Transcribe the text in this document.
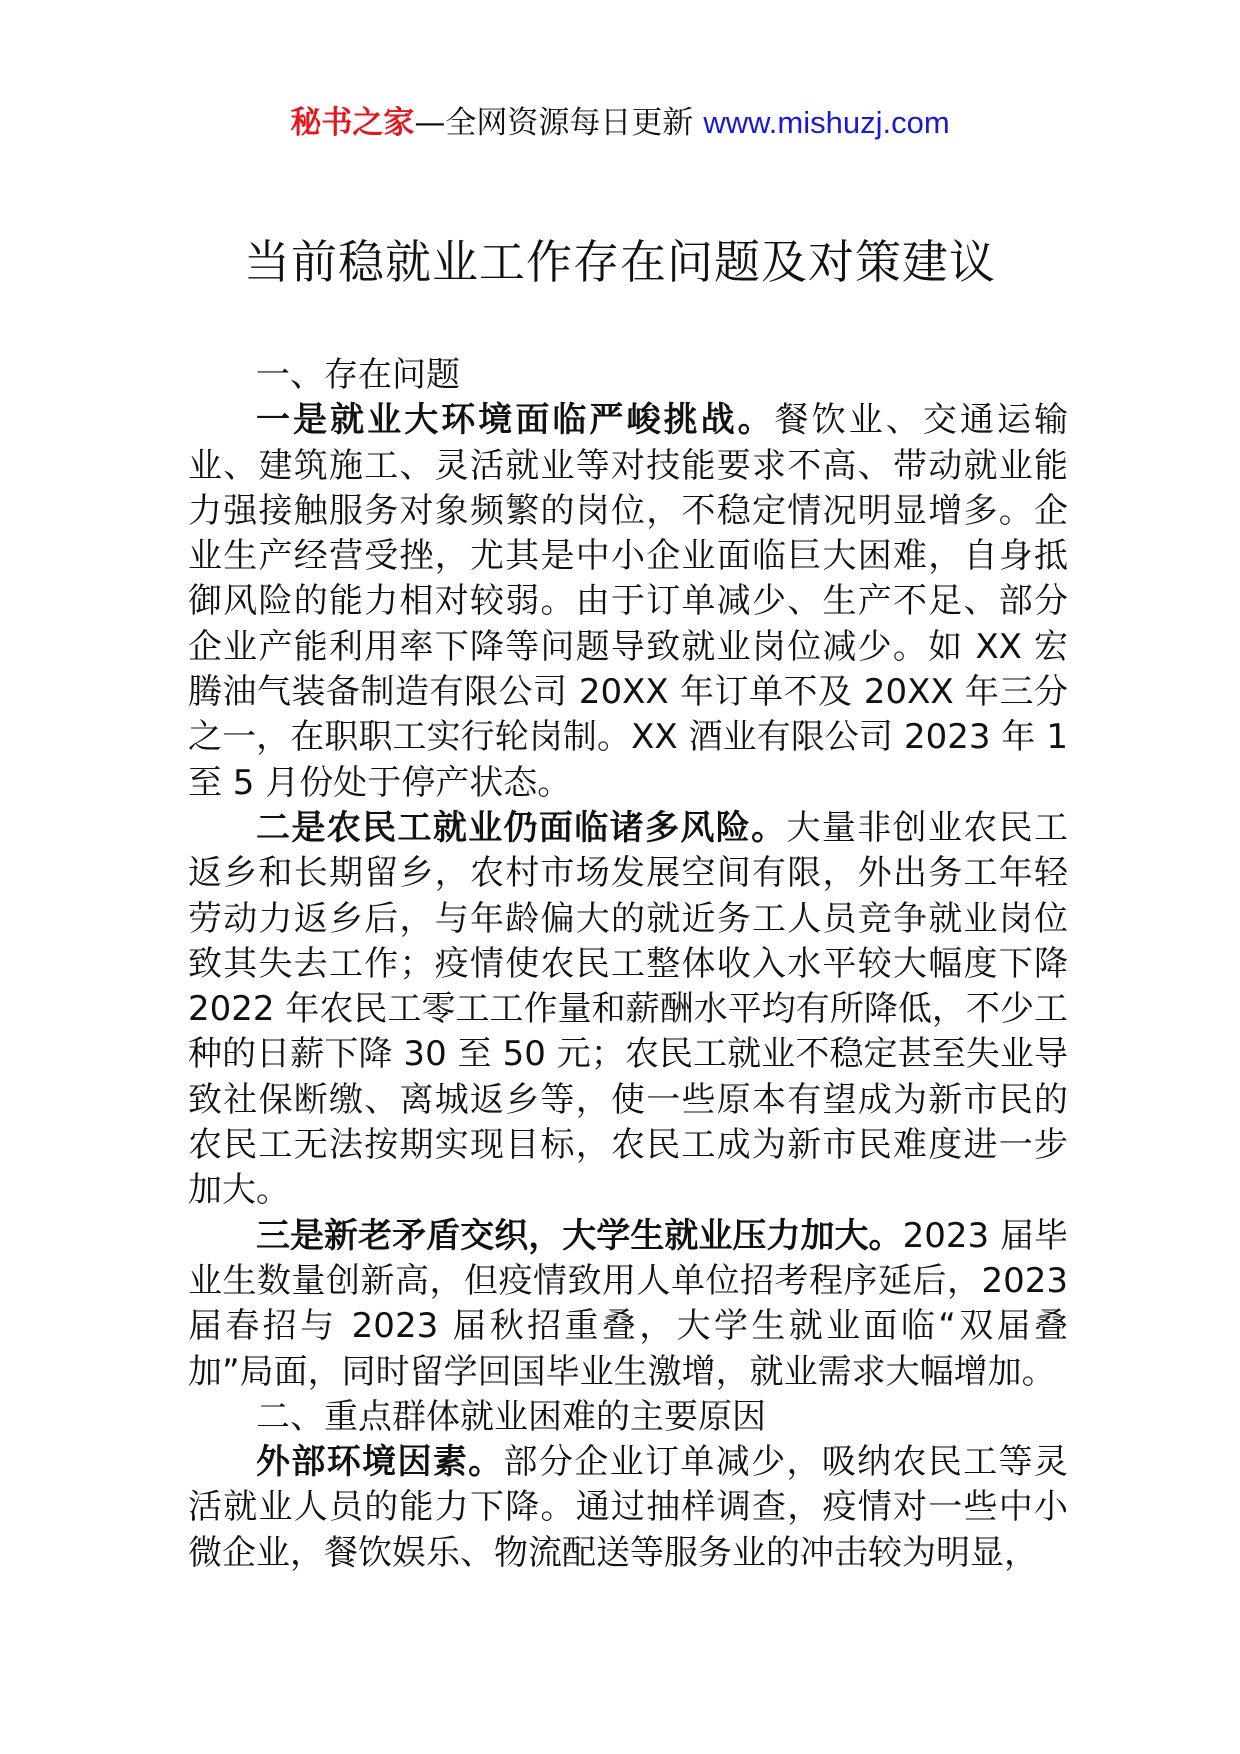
秘书之家—全网资源每日更新 www.mishuzj.com
当前稳就业工作存在问题及对策建议

一、存在问题

一是就业大环境面临严峻挑战。餐饮业、交通运输业、建筑施工、灵活就业等对技能要求不高、带动就业能力强接触服务对象频繁的岗位，不稳定情况明显增多。企业生产经营受挫，尤其是中小企业面临巨大困难，自身抵御风险的能力相对较弱。由于订单减少、生产不足、部分企业产能利用率下降等问题导致就业岗位减少。如 XX 宏腾油气装备制造有限公司 20XX 年订单不及 20XX 年三分之一，在职职工实行轮岗制。XX 酒业有限公司 2023 年 1 至 5 月份处于停产状态。

二是农民工就业仍面临诸多风险。大量非创业农民工返乡和长期留乡，农村市场发展空间有限，外出务工年轻劳动力返乡后，与年龄偏大的就近务工人员竞争就业岗位致其失去工作；疫情使农民工整体收入水平较大幅度下降2022 年农民工零工工作量和薪酬水平均有所降低，不少工种的日薪下降 30 至 50 元；农民工就业不稳定甚至失业导致社保断缴、离城返乡等，使一些原本有望成为新市民的农民工无法按期实现目标，农民工成为新市民难度进一步加大。

三是新老矛盾交织，大学生就业压力加大。2023 届毕业生数量创新高，但疫情致用人单位招考程序延后，2023 届春招与 2023 届秋招重叠，大学生就业面临“双届叠加”局面，同时留学回国毕业生激增，就业需求大幅增加。

二、重点群体就业困难的主要原因

外部环境因素。部分企业订单减少，吸纳农民工等灵活就业人员的能力下降。通过抽样调查，疫情对一些中小微企业，餐饮娱乐、物流配送等服务业的冲击较为明显，
